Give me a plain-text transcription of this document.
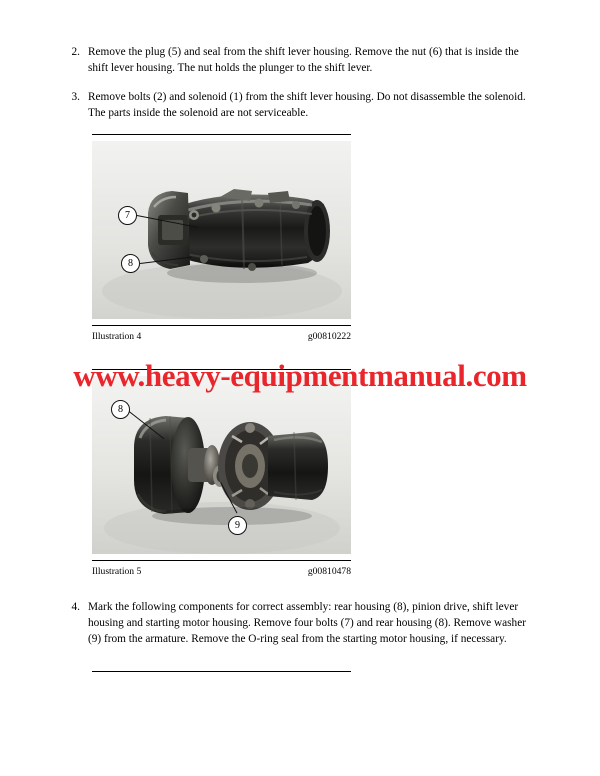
2. Remove the plug (5) and seal from the shift lever housing. Remove the nut (6) that is inside the shift lever housing. The nut holds the plunger to the shift lever.
3. Remove bolts (2) and solenoid (1) from the shift lever housing. Do not disassemble the solenoid. The parts inside the solenoid are not serviceable.
7
8
Illustration 4	g00810222
8
9
Illustration 5	g00810478
4. Mark the following components for correct assembly: rear housing (8), pinion drive, shift lever housing and starting motor housing. Remove four bolts (7) and rear housing (8). Remove washer (9) from the armature. Remove the O-ring seal from the starting motor housing, if necessary.
www.heavy-equipmentmanual.com
